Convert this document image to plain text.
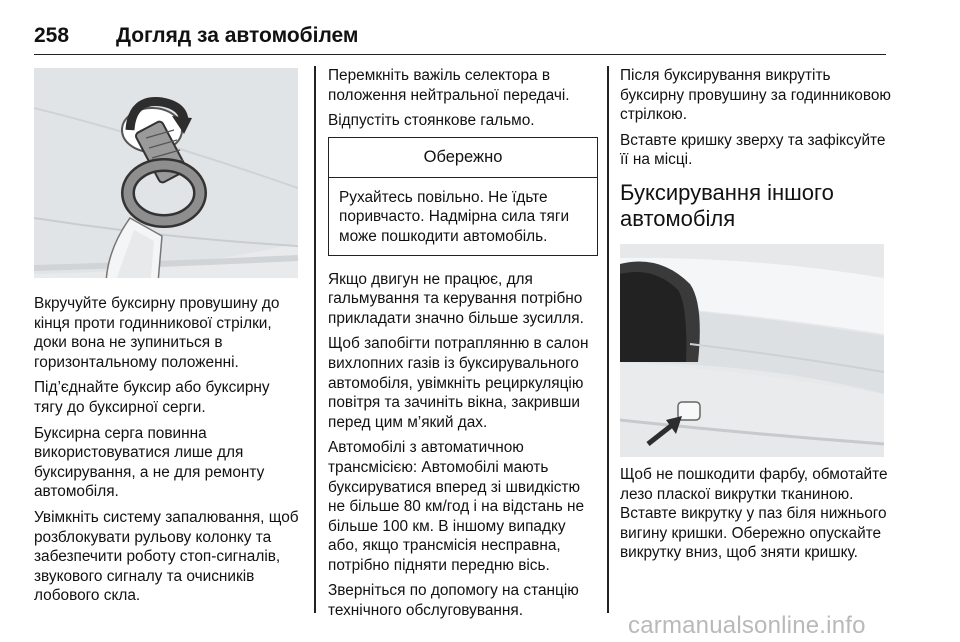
258 Догляд за автомобілем

Вкручуйте буксирну провушину до кінця проти годинникової стрілки, доки вона не зупиниться в горизонтальному положенні.

Під’єднайте буксир або буксирну тягу до буксирної серги.

Буксирна серга повинна використовуватися лише для буксирування, а не для ремонту автомобіля.

Увімкніть систему запалювання, щоб розблокувати рульову колонку та забезпечити роботу стоп-сигналів, звукового сигналу та очисників лобового скла.

Перемкніть важіль селектора в положення нейтральної передачі.

Відпустіть стоянкове гальмо.

Обережно

Рухайтесь повільно. Не їдьте поривчасто. Надмірна сила тяги може пошкодити автомобіль.

Якщо двигун не працює, для гальмування та керування потрібно прикладати значно більше зусилля.

Щоб запобігти потраплянню в салон вихлопних газів із буксирувального автомобіля, увімкніть рециркуляцію повітря та зачиніть вікна, закривши перед цим м’який дах.

Автомобілі з автоматичною трансмісією: Автомобілі мають буксируватися вперед зі швидкістю не більше 80 км/год і на відстань не більше 100 км. В іншому випадку або, якщо трансмісія несправна, потрібно підняти передню вісь.

Зверніться по допомогу на станцію технічного обслуговування.

Після буксирування викрутіть буксирну провушину за годинниковою стрілкою.

Вставте кришку зверху та зафіксуйте її на місці.

Буксирування іншого автомобіля

Щоб не пошкодити фарбу, обмотайте лезо пласкої викрутки тканиною. Вставте викрутку у паз біля нижнього вигину кришки. Обережно опускайте викрутку вниз, щоб зняти кришку.

carmanualsonline.info
